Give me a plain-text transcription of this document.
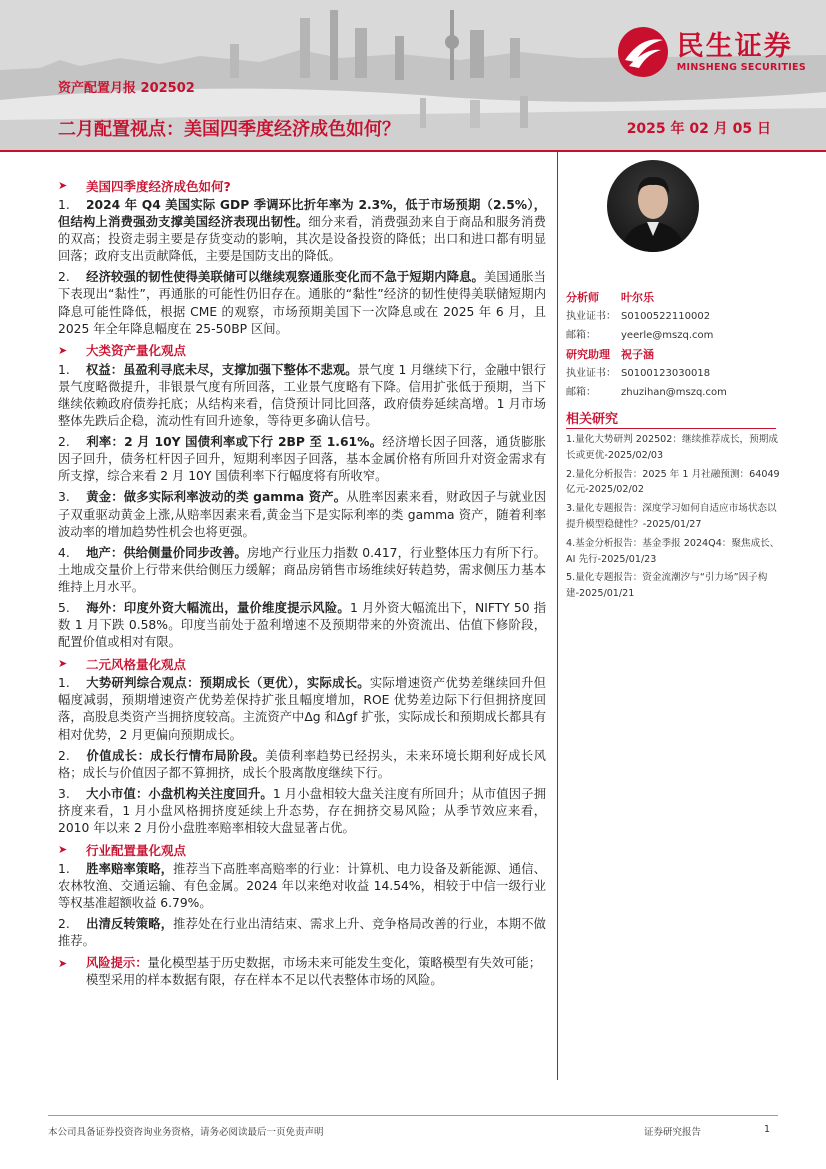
民生证券
MINSHENG SECURITIES
资产配置月报 202502
二月配置视点：美国四季度经济成色如何？	2025 年 02 月 05 日
➤	美国四季度经济成色如何?

1. 2024 年 Q4 美国实际 GDP 季调环比折年率为 2.3%，低于市场预期（2.5%），但结构上消费强劲支撑美国经济表现出韧性。细分来看，消费强劲来自于商品和服务消费的双高；投资走弱主要是存货变动的影响，其次是设备投资的降低；出口和进口都有明显回落；政府支出贡献降低，主要是国防支出的降低。

2. 经济较强的韧性使得美联储可以继续观察通胀变化而不急于短期内降息。美国通胀当下表现出“黏性”，再通胀的可能性仍旧存在。通胀的“黏性”经济的韧性使得美联储短期内降息可能性降低，根据 CME 的观察，市场预期美国下一次降息或在 2025 年 6 月，且 2025 年全年降息幅度在 25-50BP 区间。

➤	大类资产量化观点

1. 权益：虽盈利寻底未尽，支撑加强下整体不悲观。景气度 1 月继续下行，金融中银行景气度略微提升，非银景气度有所回落，工业景气度略有下降。信用扩张低于预期，当下继续依赖政府债券托底；从结构来看，信贷预计同比回落，政府债券延续高增。1 月市场整体先跌后企稳，流动性有回升迹象，等待更多确认信号。

2. 利率：2 月 10Y 国债利率或下行 2BP 至 1.61%。经济增长因子回落，通货膨胀因子回升，债务杠杆因子回升，短期利率因子回落，基本金属价格有所回升对资金需求有所支撑，综合来看 2 月 10Y 国债利率下行幅度将有所收窄。

3. 黄金：做多实际利率波动的类 gamma 资产。从胜率因素来看，财政因子与就业因子双重驱动黄金上涨,从赔率因素来看,黄金当下是实际利率的类 gamma 资产，随着利率波动率的增加趋势性机会也将更强。

4. 地产：供给侧量价同步改善。房地产行业压力指数 0.417，行业整体压力有所下行。土地成交量价上行带来供给侧压力缓解；商品房销售市场维续好转趋势，需求侧压力基本维持上月水平。

5. 海外：印度外资大幅流出，量价维度提示风险。1 月外资大幅流出下，NIFTY 50 指数 1 月下跌 0.58%。印度当前处于盈利增速不及预期带来的外资流出、估值下修阶段，配置价值或相对有限。

➤	二元风格量化观点

1. 大势研判综合观点：预期成长（更优），实际成长。实际增速资产优势差继续回升但幅度减弱，预期增速资产优势差保持扩张且幅度增加，ROE 优势差边际下行但拥挤度回落，高股息类资产当拥挤度较高。主流资产中Δg 和Δgf 扩张，实际成长和预期成长都具有相对优势，2 月更偏向预期成长。

2. 价值成长：成长行情布局阶段。美债利率趋势已经拐头，未来环境长期利好成长风格；成长与价值因子都不算拥挤，成长个股离散度继续下行。

3. 大小市值：小盘机构关注度回升。1 月小盘相较大盘关注度有所回升；从市值因子拥挤度来看，1 月小盘风格拥挤度延续上升态势，存在拥挤交易风险；从季节效应来看，2010 年以来 2 月份小盘胜率赔率相较大盘显著占优。

➤	行业配置量化观点

1. 胜率赔率策略，推荐当下高胜率高赔率的行业：计算机、电力设备及新能源、通信、农林牧渔、交通运输、有色金属。2024 年以来绝对收益 14.54%，相较于中信一级行业等权基准超额收益 6.79%。

2. 出清反转策略，推荐处在行业出清结束、需求上升、竞争格局改善的行业，本期不做推荐。

➤	风险提示：量化模型基于历史数据，市场未来可能发生变化，策略模型有失效可能；模型采用的样本数据有限，存在样本不足以代表整体市场的风险。
分析师	叶尔乐
执业证书： S0100522110002
邮箱：	yeerle@mszq.com
研究助理	祝子涵
执业证书： S0100123030018
邮箱：	zhuzihan@mszq.com
相关研究
1.量化大势研判 202502：继续推荐成长，预期成长或更优-2025/02/03
2.量化分析报告：2025 年 1 月社融预测：64049 亿元-2025/02/02
3.量化专题报告：深度学习如何自适应市场状态以提升模型稳健性？-2025/01/27
4.基金分析报告：基金季报 2024Q4：聚焦成长、AI 先行-2025/01/23
5.量化专题报告：资金流潮汐与“引力场”因子构建-2025/01/21
本公司具备证券投资咨询业务资格，请务必阅读最后一页免责声明	证券研究报告	1
